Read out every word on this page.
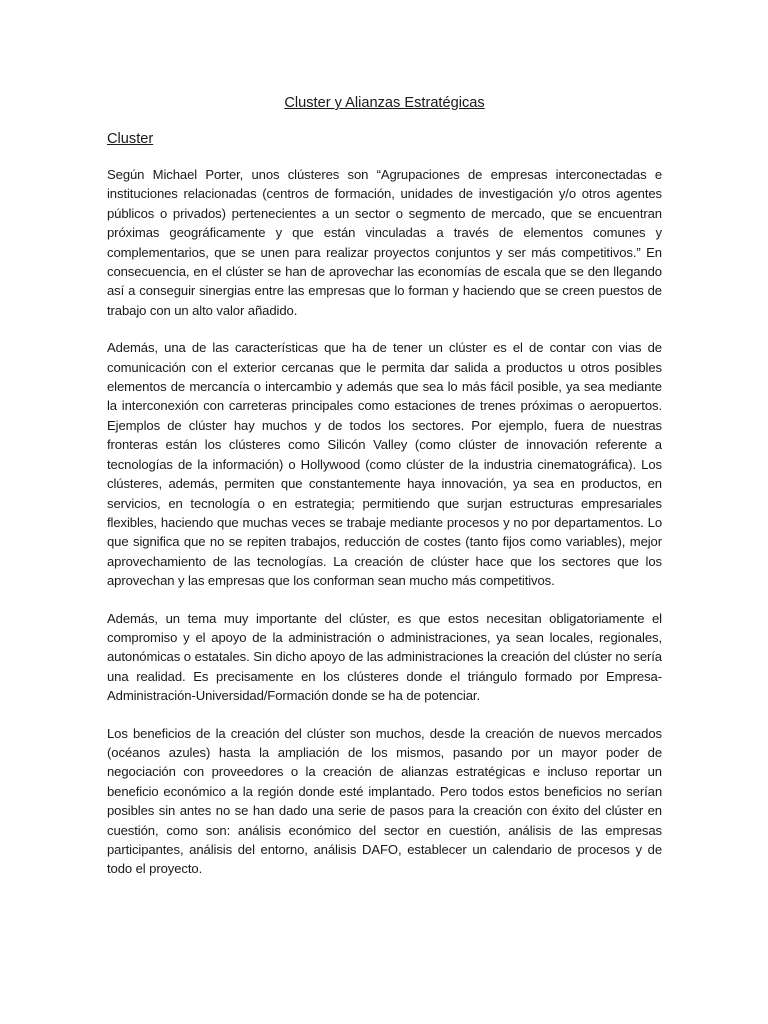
Cluster y Alianzas Estratégicas
Cluster

Según Michael Porter, unos clústeres son “Agrupaciones de empresas interconectadas e instituciones relacionadas (centros de formación, unidades de investigación y/o otros agentes públicos o privados) pertenecientes a un sector o segmento de mercado, que se encuentran próximas geográficamente y que están vinculadas a través de elementos comunes y complementarios, que se unen para realizar proyectos conjuntos y ser más competitivos.” En consecuencia, en el clúster se han de aprovechar las economías de escala que se den llegando así a conseguir sinergias entre las empresas que lo forman y haciendo que se creen puestos de trabajo con un alto valor añadido.

Además, una de las características que ha de tener un clúster es el de contar con vias de comunicación con el exterior cercanas que le permita dar salida a productos u otros posibles elementos de mercancía o intercambio y además que sea lo más fácil posible, ya sea mediante la interconexión con carreteras principales como estaciones de trenes próximas o aeropuertos. Ejemplos de clúster hay muchos y de todos los sectores. Por ejemplo, fuera de nuestras fronteras están los clústeres como Silicón Valley (como clúster de innovación referente a tecnologías de la información) o Hollywood (como clúster de la industria cinematográfica). Los clústeres, además, permiten que constantemente haya innovación, ya sea en productos, en servicios, en tecnología o en estrategia; permitiendo que surjan estructuras empresariales flexibles, haciendo que muchas veces se trabaje mediante procesos y no por departamentos. Lo que significa que no se repiten trabajos, reducción de costes (tanto fijos como variables), mejor aprovechamiento de las tecnologías. La creación de clúster hace que los sectores que los aprovechan y las empresas que los conforman sean mucho más competitivos.

Además, un tema muy importante del clúster, es que estos necesitan obligatoriamente el compromiso y el apoyo de la administración o administraciones, ya sean locales, regionales, autonómicas o estatales. Sin dicho apoyo de las administraciones la creación del clúster no sería una realidad. Es precisamente en los clústeres donde el triángulo formado por Empresa-Administración-Universidad/Formación donde se ha de potenciar.

Los beneficios de la creación del clúster son muchos, desde la creación de nuevos mercados (océanos azules) hasta la ampliación de los mismos, pasando por un mayor poder de negociación con proveedores o la creación de alianzas estratégicas e incluso reportar un beneficio económico a la región donde esté implantado. Pero todos estos beneficios no serían posibles sin antes no se han dado una serie de pasos para la creación con éxito del clúster en cuestión, como son: análisis económico del sector en cuestión, análisis de las empresas participantes, análisis del entorno, análisis DAFO, establecer un calendario de procesos y de todo el proyecto.
